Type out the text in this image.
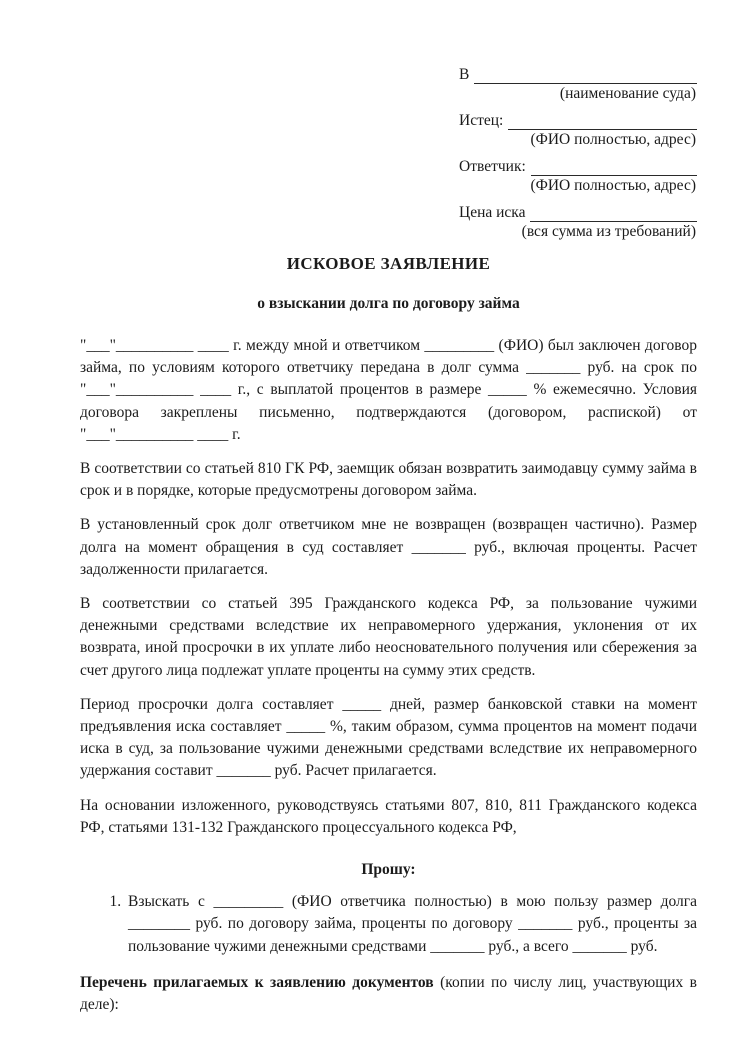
В
(наименование суда)
Истец:
(ФИО полностью, адрес)
Ответчик:
(ФИО полностью, адрес)
Цена иска
(вся сумма из требований)
ИСКОВОЕ ЗАЯВЛЕНИЕ
о взыскании долга по договору займа

"___"__________ ____ г. между мной и ответчиком _________ (ФИО) был заключен договор займа, по условиям которого ответчику передана в долг сумма _______ руб. на срок по "___"__________ ____ г., с выплатой процентов в размере _____ % ежемесячно. Условия договора закреплены письменно, подтверждаются (договором, распиской) от "___"__________ ____ г.

В соответствии со статьей 810 ГК РФ, заемщик обязан возвратить заимодавцу сумму займа в срок и в порядке, которые предусмотрены договором займа.

В установленный срок долг ответчиком мне не возвращен (возвращен частично). Размер долга на момент обращения в суд составляет _______ руб., включая проценты. Расчет задолженности прилагается.

В соответствии со статьей 395 Гражданского кодекса РФ, за пользование чужими денежными средствами вследствие их неправомерного удержания, уклонения от их возврата, иной просрочки в их уплате либо неосновательного получения или сбережения за счет другого лица подлежат уплате проценты на сумму этих средств.

Период просрочки долга составляет _____ дней, размер банковской ставки на момент предъявления иска составляет _____ %, таким образом, сумма процентов на момент подачи иска в суд, за пользование чужими денежными средствами вследствие их неправомерного удержания составит _______ руб. Расчет прилагается.

На основании изложенного, руководствуясь статьями 807, 810, 811 Гражданского кодекса РФ, статьями 131-132 Гражданского процессуального кодекса РФ,

Прошу:
1. Взыскать с _________ (ФИО ответчика полностью) в мою пользу размер долга ________ руб. по договору займа, проценты по договору _______ руб., проценты за пользование чужими денежными средствами _______ руб., а всего _______ руб.

Перечень прилагаемых к заявлению документов (копии по числу лиц, участвующих в деле):
